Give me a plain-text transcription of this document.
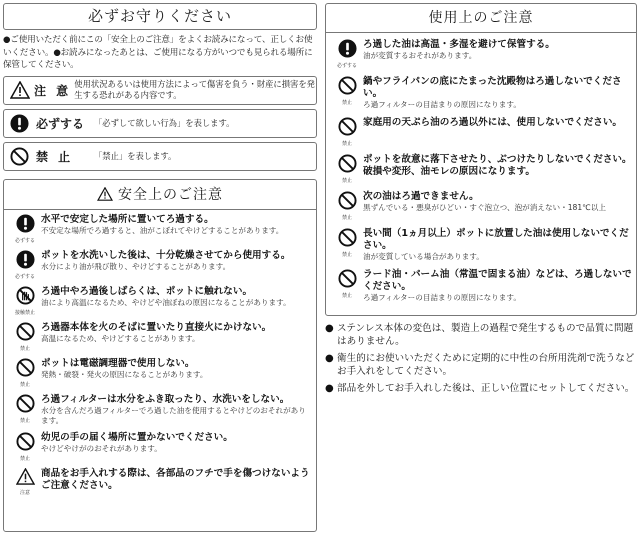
必ずお守りください
●ご使用いただく前にこの「安全上のご注意」をよくお読みになって、正しくお使いください。●お読みになったあとは、ご使用になる方がいつでも見られる場所に保管してください。
注 意 使用状況あるいは使用方法によって傷害を負う・財産に損害を発生する恐れがある内容です。
必ずする	「必ずして欲しい行為」を表します。
禁 止	「禁止」を表します。
安全上のご注意
必ずする
水平で安定した場所に置いてろ過する。
不安定な場所でろ過すると、油がこぼれてやけどすることがあります。
必ずする
ポットを水洗いした後は、十分乾燥させてから使用する。
水分により油が飛び散り、やけどすることがあります。
接触禁止
ろ過中やろ過後しばらくは、ポットに触れない。
油により高温になるため、やけどや油ぼねの原因になることがあります。
禁止
ろ過器本体を火のそばに置いたり直接火にかけない。
高温になるため、やけどすることがあります。
禁止
ポットは電磁調理器で使用しない。
発熱・破裂・発火の原因になることがあります。
禁止
ろ過フィルターは水分をふき取ったり、水洗いをしない。
水分を含んだろ過フィルターでろ過した油を使用するとやけどのおそれがあります。
禁止
幼児の手の届く場所に置かないでください。
やけどやけがのおそれがあります。
注意
商品をお手入れする際は、各部品のフチで手を傷つけないようご注意ください。
使用上のご注意
必ずする
ろ過した油は高温・多湿を避けて保管する。
油が変質するおそれがあります。
禁止
鍋やフライパンの底にたまった沈殿物はろ過しないでください。
ろ過フィルターの目詰まりの原因になります。
禁止
家庭用の天ぷら油のろ過以外には、使用しないでください。
禁止
ポットを故意に落下させたり、ぶつけたりしないでください。破損や変形、油モレの原因になります。
禁止
次の油はろ過できません。
黒ずんでいる・悪臭がひどい・すぐ泡立つ、泡が消えない・181℃以上
禁止
長い間（1ヵ月以上）ポットに放置した油は使用しないでください。
油が変質している場合があります。
禁止
ラード油・パーム油（常温で固まる油）などは、ろ過しないでください。
ろ過フィルターの目詰まりの原因になります。
● ステンレス本体の変色は、製造上の過程で発生するもので品質に問題はありません。
● 衛生的にお使いいただくために定期的に中性の台所用洗剤で洗うなどお手入れをしてください。
● 部品を外してお手入れした後は、正しい位置にセットしてください。
